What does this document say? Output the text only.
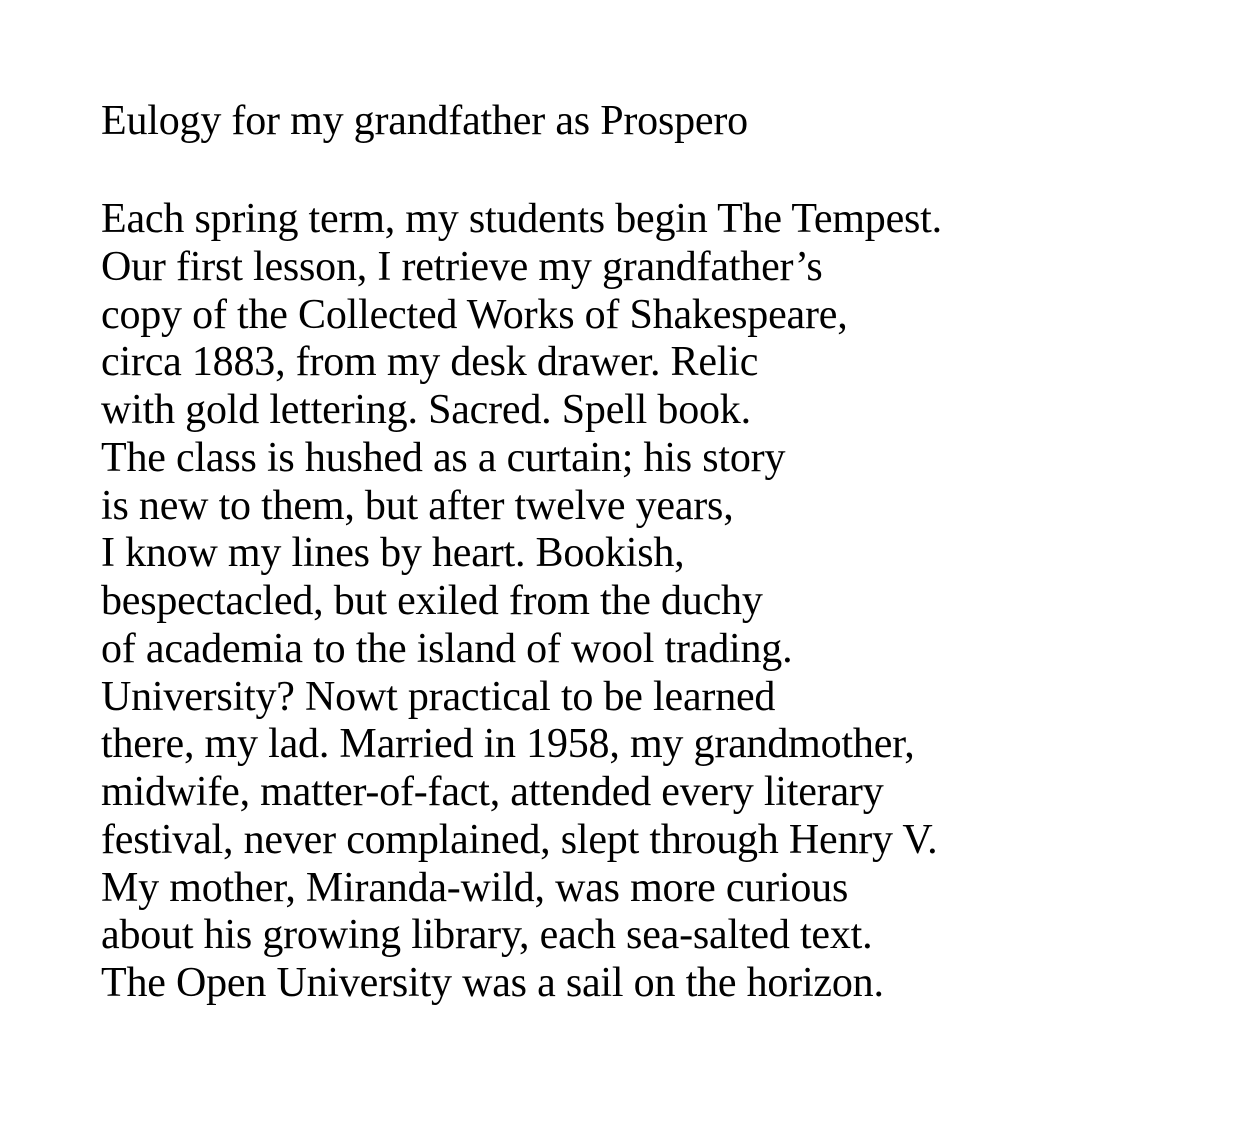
Eulogy for my grandfather as Prospero
Each spring term, my students begin The Tempest.
Our first lesson, I retrieve my grandfather’s
copy of the Collected Works of Shakespeare,
circa 1883, from my desk drawer. Relic
with gold lettering. Sacred. Spell book.
The class is hushed as a curtain; his story
is new to them, but after twelve years,
I know my lines by heart. Bookish,
bespectacled, but exiled from the duchy
of academia to the island of wool trading.
University? Nowt practical to be learned
there, my lad. Married in 1958, my grandmother,
midwife, matter-of-fact, attended every literary
festival, never complained, slept through Henry V.
My mother, Miranda-wild, was more curious
about his growing library, each sea-salted text.
The Open University was a sail on the horizon.
